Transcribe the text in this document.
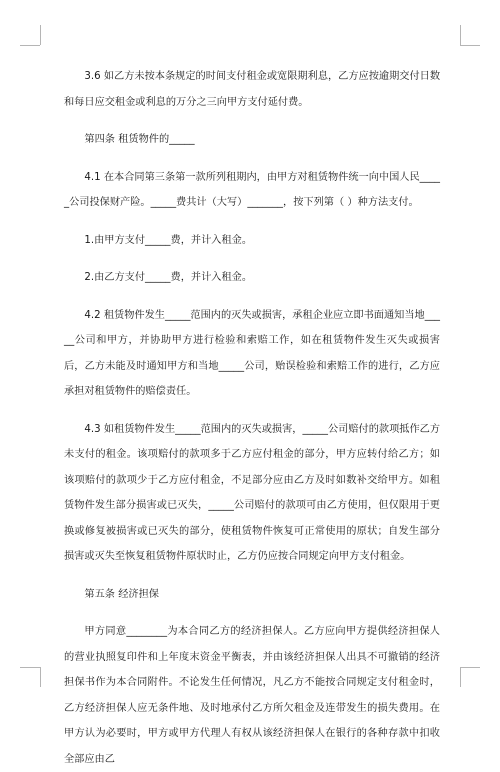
3.6 如乙方未按本条规定的时间支付租金或宽限期利息，乙方应按逾期交付日数和每日应交租金或利息的万分之三向甲方支付延付费。

第四条 租赁物件的_____

4.1 在本合同第三条第一款所列租期内，由甲方对租赁物件统一向中国人民_____公司投保财产险。_____费共计（大写）_______，按下列第（ ）种方法支付。

1.由甲方支付_____费，并计入租金。

2.由乙方支付_____费，并计入租金。

4.2 租赁物件发生_____范围内的灭失或损害，承租企业应立即书面通知当地_____公司和甲方，并协助甲方进行检验和索赔工作，如在租赁物件发生灭失或损害后，乙方未能及时通知甲方和当地_____公司，贻误检验和索赔工作的进行，乙方应承担对租赁物件的赔偿责任。

4.3 如租赁物件发生_____范围内的灭失或损害，_____公司赔付的款项抵作乙方未支付的租金。该项赔付的款项多于乙方应付租金的部分，甲方应转付给乙方；如该项赔付的款项少于乙方应付租金，不足部分应由乙方及时如数补交给甲方。如租赁物件发生部分损害或已灭失，_____公司赔付的款项可由乙方使用，但仅限用于更换或修复被损害或已灭失的部分，使租赁物件恢复可正常使用的原状；自发生部分损害或灭失至恢复租赁物件原状时止，乙方仍应按合同规定向甲方支付租金。

第五条 经济担保

甲方同意________为本合同乙方的经济担保人。乙方应向甲方提供经济担保人的营业执照复印件和上年度末资金平衡表，并由该经济担保人出具不可撤销的经济担保书作为本合同附件。不论发生任何情况，凡乙方不能按合同规定支付租金时，乙方经济担保人应无条件地、及时地承付乙方所欠租金及连带发生的损失费用。在甲方认为必要时，甲方或甲方代理人有权从该经济担保人在银行的各种存款中扣收全部应由乙
